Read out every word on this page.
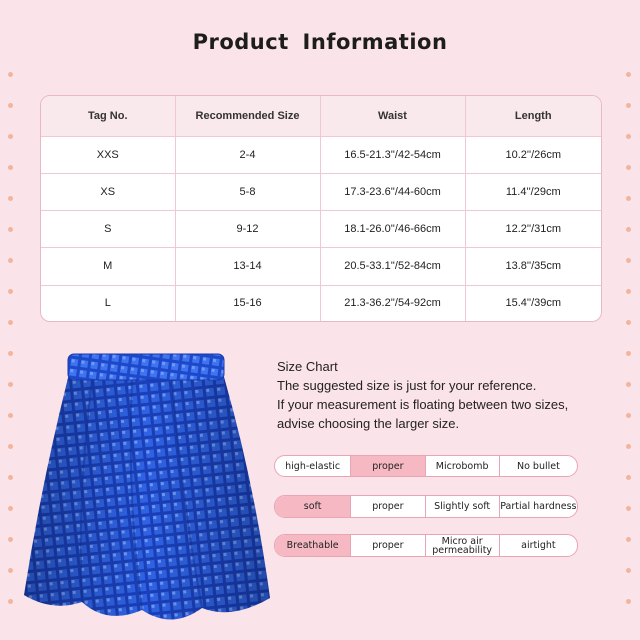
Product Information
Tag No.	Recommended Size	Waist	Length
XXS	2-4	16.5-21.3''/42-54cm	10.2''/26cm
XS	5-8	17.3-23.6''/44-60cm	11.4''/29cm
S	9-12	18.1-26.0''/46-66cm	12.2''/31cm
M	13-14	20.5-33.1''/52-84cm	13.8''/35cm
L	15-16	21.3-36.2''/54-92cm	15.4''/39cm
Size Chart
The suggested size is just for your reference.
If your measurement is floating between two sizes,
advise choosing the larger size.
high-elastic	proper	Microbomb	No bullet
soft	proper	Slightly soft	Partial hardness
Breathable	proper	Micro air permeability	airtight
